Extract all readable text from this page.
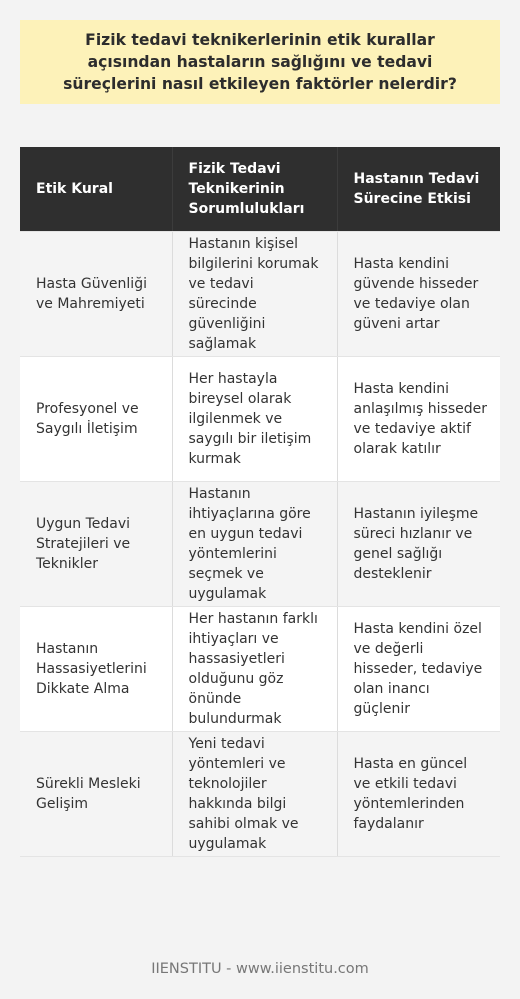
Fizik tedavi teknikerlerinin etik kurallar açısından hastaların sağlığını ve tedavi süreçlerini nasıl etkileyen faktörler nelerdir?
Etik Kural	Fizik Tedavi Teknikerinin Sorumlulukları	Hastanın Tedavi Sürecine Etkisi
Hasta Güvenliği ve Mahremiyeti	Hastanın kişisel bilgilerini korumak ve tedavi sürecinde güvenliğini sağlamak	Hasta kendini güvende hisseder ve tedaviye olan güveni artar
Profesyonel ve Saygılı İletişim	Her hastayla bireysel olarak ilgilenmek ve saygılı bir iletişim kurmak	Hasta kendini anlaşılmış hisseder ve tedaviye aktif olarak katılır
Uygun Tedavi Stratejileri ve Teknikler	Hastanın ihtiyaçlarına göre en uygun tedavi yöntemlerini seçmek ve uygulamak	Hastanın iyileşme süreci hızlanır ve genel sağlığı desteklenir
Hastanın Hassasiyetlerini Dikkate Alma	Her hastanın farklı ihtiyaçları ve hassasiyetleri olduğunu göz önünde bulundurmak	Hasta kendini özel ve değerli hisseder, tedaviye olan inancı güçlenir
Sürekli Mesleki Gelişim	Yeni tedavi yöntemleri ve teknolojiler hakkında bilgi sahibi olmak ve uygulamak	Hasta en güncel ve etkili tedavi yöntemlerinden faydalanır
IIENSTITU - www.iienstitu.com
